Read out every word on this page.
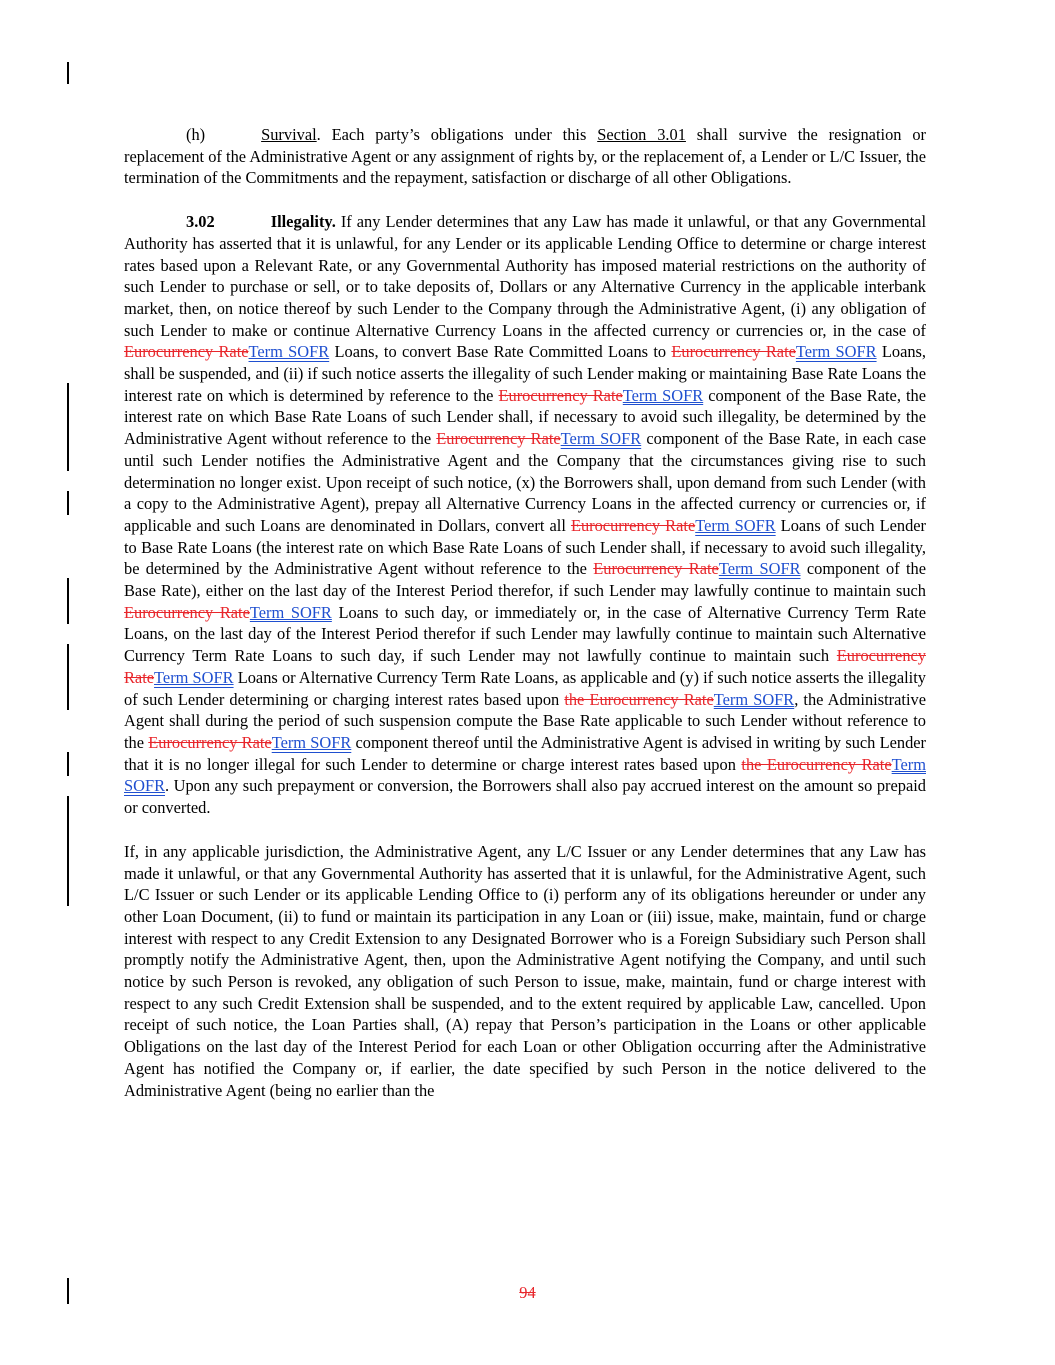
(h)	Survival. Each party’s obligations under this Section 3.01 shall survive the resignation or replacement of the Administrative Agent or any assignment of rights by, or the replacement of, a Lender or L/C Issuer, the termination of the Commitments and the repayment, satisfaction or discharge of all other Obligations.

3.02	Illegality. If any Lender determines that any Law has made it unlawful, or that any Governmental Authority has asserted that it is unlawful, for any Lender or its applicable Lending Office to determine or charge interest rates based upon a Relevant Rate, or any Governmental Authority has imposed material restrictions on the authority of such Lender to purchase or sell, or to take deposits of, Dollars or any Alternative Currency in the applicable interbank market, then, on notice thereof by such Lender to the Company through the Administrative Agent, (i) any obligation of such Lender to make or continue Alternative Currency Loans in the affected currency or currencies or, in the case of Eurocurrency RateTerm SOFR Loans, to convert Base Rate Committed Loans to Eurocurrency RateTerm SOFR Loans, shall be suspended, and (ii) if such notice asserts the illegality of such Lender making or maintaining Base Rate Loans the interest rate on which is determined by reference to the Eurocurrency RateTerm SOFR component of the Base Rate, the interest rate on which Base Rate Loans of such Lender shall, if necessary to avoid such illegality, be determined by the Administrative Agent without reference to the Eurocurrency RateTerm SOFR component of the Base Rate, in each case until such Lender notifies the Administrative Agent and the Company that the circumstances giving rise to such determination no longer exist. Upon receipt of such notice, (x) the Borrowers shall, upon demand from such Lender (with a copy to the Administrative Agent), prepay all Alternative Currency Loans in the affected currency or currencies or, if applicable and such Loans are denominated in Dollars, convert all Eurocurrency RateTerm SOFR Loans of such Lender to Base Rate Loans (the interest rate on which Base Rate Loans of such Lender shall, if necessary to avoid such illegality, be determined by the Administrative Agent without reference to the Eurocurrency RateTerm SOFR component of the Base Rate), either on the last day of the Interest Period therefor, if such Lender may lawfully continue to maintain such Eurocurrency RateTerm SOFR Loans to such day, or immediately or, in the case of Alternative Currency Term Rate Loans, on the last day of the Interest Period therefor if such Lender may lawfully continue to maintain such Alternative Currency Term Rate Loans to such day, if such Lender may not lawfully continue to maintain such Eurocurrency RateTerm SOFR Loans or Alternative Currency Term Rate Loans, as applicable and (y) if such notice asserts the illegality of such Lender determining or charging interest rates based upon the Eurocurrency RateTerm SOFR, the Administrative Agent shall during the period of such suspension compute the Base Rate applicable to such Lender without reference to the Eurocurrency RateTerm SOFR component thereof until the Administrative Agent is advised in writing by such Lender that it is no longer illegal for such Lender to determine or charge interest rates based upon the Eurocurrency RateTerm SOFR. Upon any such prepayment or conversion, the Borrowers shall also pay accrued interest on the amount so prepaid or converted.

If, in any applicable jurisdiction, the Administrative Agent, any L/C Issuer or any Lender determines that any Law has made it unlawful, or that any Governmental Authority has asserted that it is unlawful, for the Administrative Agent, such L/C Issuer or such Lender or its applicable Lending Office to (i) perform any of its obligations hereunder or under any other Loan Document, (ii) to fund or maintain its participation in any Loan or (iii) issue, make, maintain, fund or charge interest with respect to any Credit Extension to any Designated Borrower who is a Foreign Subsidiary such Person shall promptly notify the Administrative Agent, then, upon the Administrative Agent notifying the Company, and until such notice by such Person is revoked, any obligation of such Person to issue, make, maintain, fund or charge interest with respect to any such Credit Extension shall be suspended, and to the extent required by applicable Law, cancelled. Upon receipt of such notice, the Loan Parties shall, (A) repay that Person’s participation in the Loans or other applicable Obligations on the last day of the Interest Period for each Loan or other Obligation occurring after the Administrative Agent has notified the Company or, if earlier, the date specified by such Person in the notice delivered to the Administrative Agent (being no earlier than the

94
